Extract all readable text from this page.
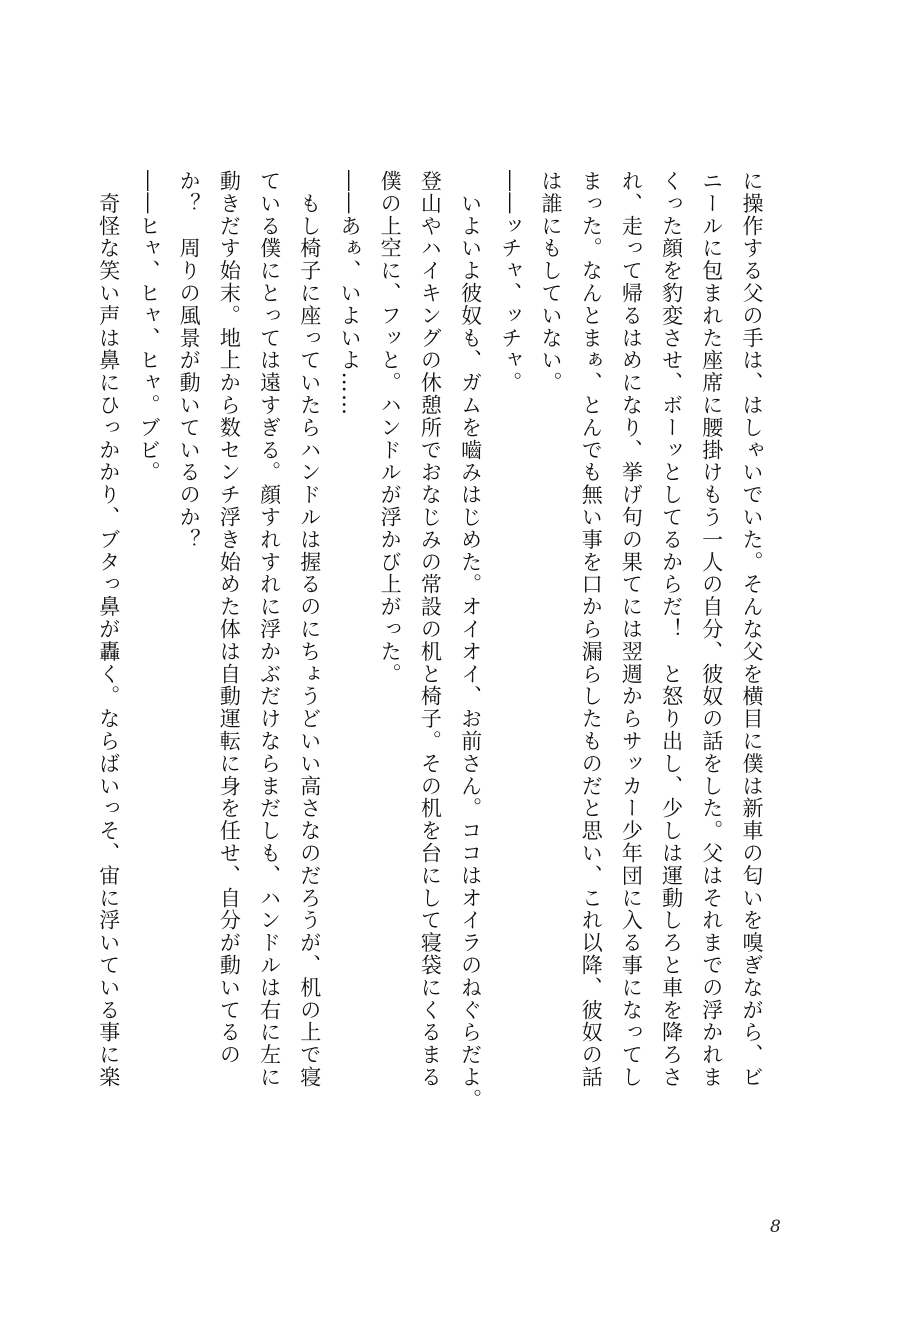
に操作する父の手は、はしゃいでいた。そんな父を横目に僕は新車の匂いを嗅ぎながら、ビ
ニールに包まれた座席に腰掛けもう一人の自分、彼奴の話をした。父はそれまでの浮かれま
くった顔を豹変させ、ボーッとしてるからだ！　と怒り出し、少しは運動しろと車を降ろさ
れ、走って帰るはめになり、挙げ句の果てには翌週からサッカー少年団に入る事になってし
まった。なんとまぁ、とんでも無い事を口から漏らしたものだと思い、これ以降、彼奴の話
は誰にもしていない。
――ッチャ、ッチャ。
　いよいよ彼奴も、ガムを嚙みはじめた。オイオイ、お前さん。ココはオイラのねぐらだよ。
登山やハイキングの休憩所でおなじみの常設の机と椅子。その机を台にして寝袋にくるまる
僕の上空に、フッと。ハンドルが浮かび上がった。
――あぁ、いよいよ……
　もし椅子に座っていたらハンドルは握るのにちょうどいい高さなのだろうが、机の上で寝
ている僕にとっては遠すぎる。顔すれすれに浮かぶだけならまだしも、ハンドルは右に左に
動きだす始末。地上から数センチ浮き始めた体は自動運転に身を任せ、自分が動いてるの
か？　周りの風景が動いているのか？
――ヒャ、ヒャ、ヒャ。ブビ。
　奇怪な笑い声は鼻にひっかかり、ブタっ鼻が轟く。ならばいっそ、宙に浮いている事に楽
8
